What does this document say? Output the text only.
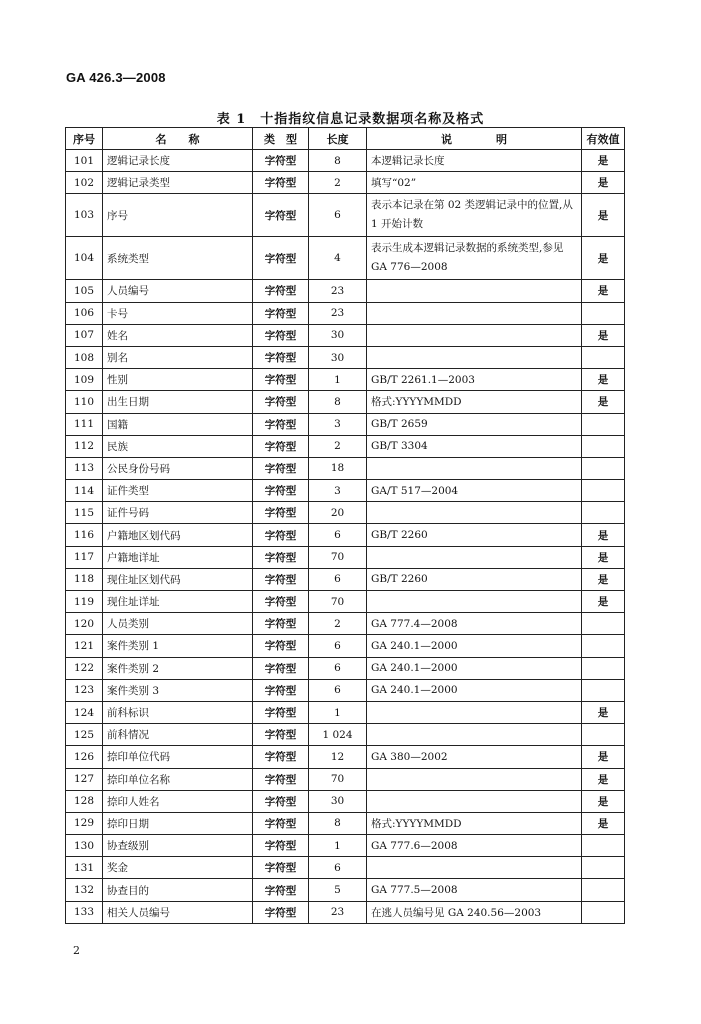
GA 426.3—2008
表 1　十指指纹信息记录数据项名称及格式
序号	名　　称	类　型	长度	说　　　　明	有效值
101	逻辑记录长度	字符型	8	本逻辑记录长度	是
102	逻辑记录类型	字符型	2	填写“02”	是
103	序号	字符型	6	表示本记录在第 02 类逻辑记录中的位置,从 1 开始计数	是
104	系统类型	字符型	4	表示生成本逻辑记录数据的系统类型,参见GA 776—2008	是
105	人员编号	字符型	23		是
106	卡号	字符型	23		
107	姓名	字符型	30		是
108	别名	字符型	30		
109	性别	字符型	1	GB/T 2261.1—2003	是
110	出生日期	字符型	8	格式:YYYYMMDD	是
111	国籍	字符型	3	GB/T 2659	
112	民族	字符型	2	GB/T 3304	
113	公民身份号码	字符型	18		
114	证件类型	字符型	3	GA/T 517—2004	
115	证件号码	字符型	20		
116	户籍地区划代码	字符型	6	GB/T 2260	是
117	户籍地详址	字符型	70		是
118	现住址区划代码	字符型	6	GB/T 2260	是
119	现住址详址	字符型	70		是
120	人员类别	字符型	2	GA 777.4—2008	
121	案件类别 1	字符型	6	GA 240.1—2000	
122	案件类别 2	字符型	6	GA 240.1—2000	
123	案件类别 3	字符型	6	GA 240.1—2000	
124	前科标识	字符型	1		是
125	前科情况	字符型	1 024		
126	捺印单位代码	字符型	12	GA 380—2002	是
127	捺印单位名称	字符型	70		是
128	捺印人姓名	字符型	30		是
129	捺印日期	字符型	8	格式:YYYYMMDD	是
130	协查级别	字符型	1	GA 777.6—2008	
131	奖金	字符型	6		
132	协查目的	字符型	5	GA 777.5—2008	
133	相关人员编号	字符型	23	在逃人员编号见 GA 240.56—2003	
2
